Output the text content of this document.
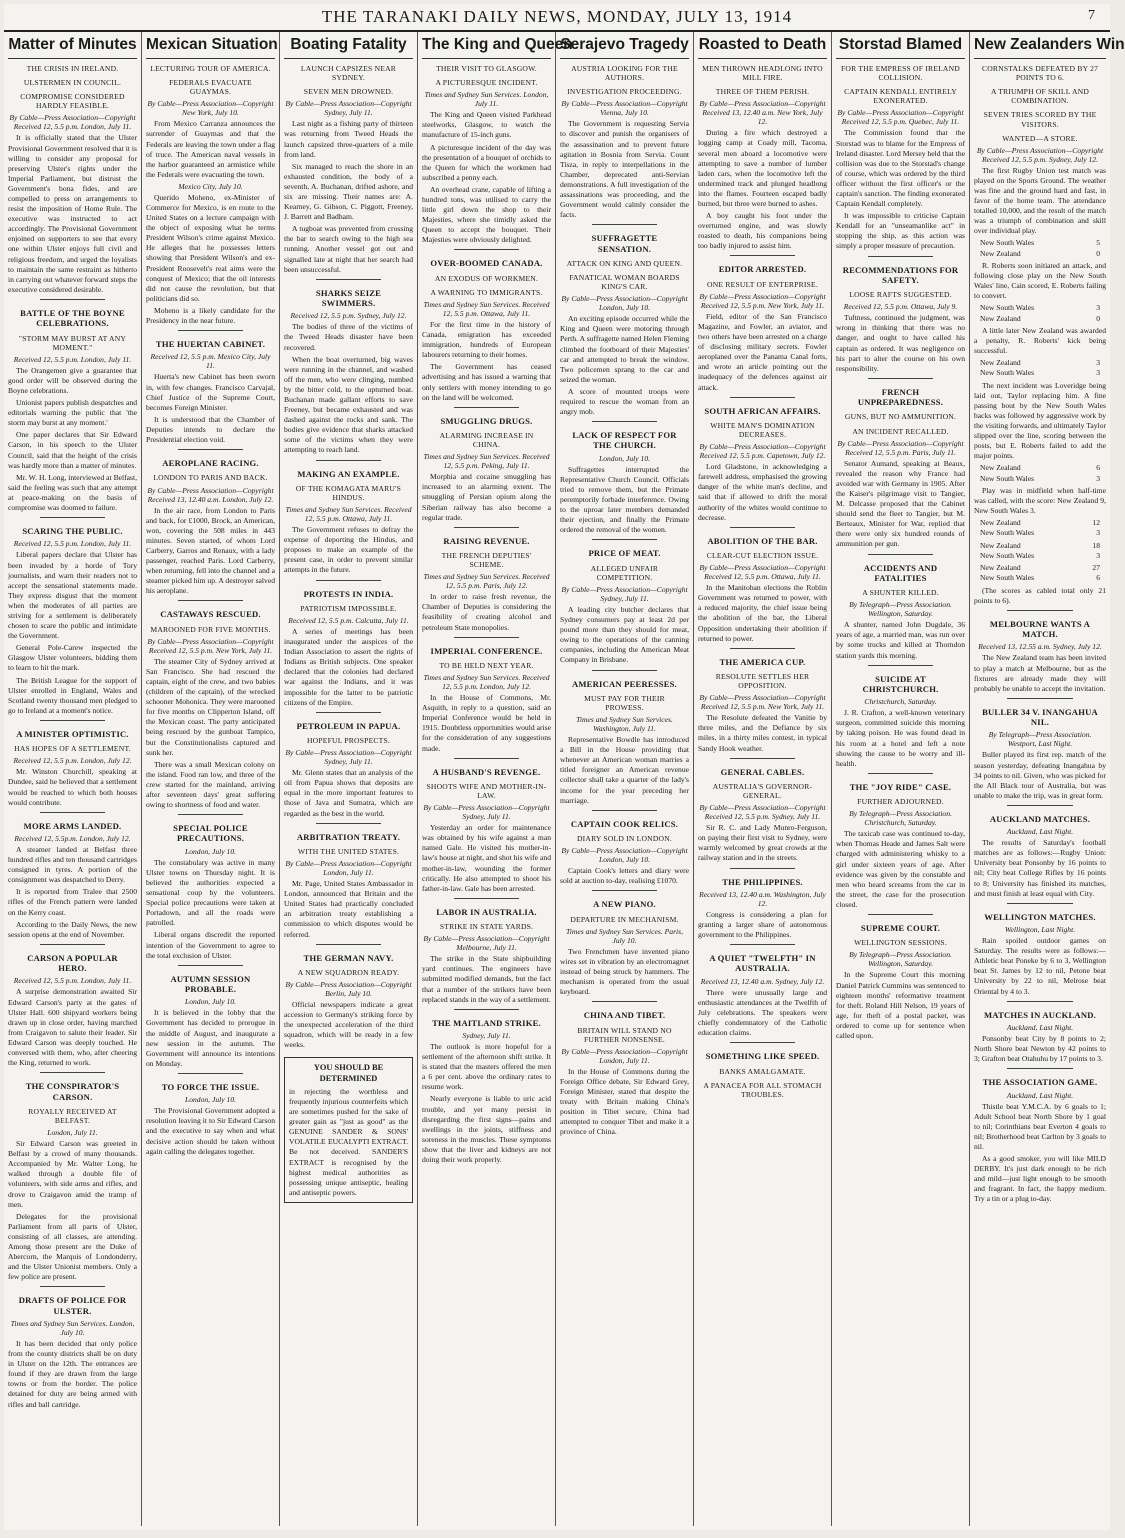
THE TARANAKI DAILY NEWS, MONDAY, JULY 13, 1914	7
Matter of Minutes
THE CRISIS IN IRELAND.
ULSTERMEN IN COUNCIL.
COMPROMISE CONSIDERED HARDLY FEASIBLE.
By Cable—Press Association—Copyright Received 12, 5.5 p.m. London, July 11.

It is officially stated that the Ulster Provisional Government resolved that it is willing to consider any proposal for preserving Ulster's rights under the Imperial Parliament, but distrust the Government's bona fides, and are compelled to press on arrangements to resist the imposition of Home Rule. The executive was instructed to act accordingly. The Provisional Government enjoined on supporters to see that every one within Ulster enjoys full civil and religious freedom, and urged the loyalists to maintain the same restraint as hitherto in carrying out whatever forward steps the executive considered desirable.

BATTLE OF THE BOYNE CELEBRATIONS.
"STORM MAY BURST AT ANY MOMENT."
Received 12, 5.5 p.m. London, July 11.

The Orangemen give a guarantee that good order will be observed during the Boyne celebrations.

Unionist papers publish despatches and editorials warning the public that 'the storm may burst at any moment.'

One paper declares that Sir Edward Carson, in his speech to the Ulster Council, said that the height of the crisis was hardly more than a matter of minutes.

Mr. W. H. Long, interviewed at Belfast, said the feeling was such that any attempt at peace-making on the basis of compromise was doomed to failure.

SCARING THE PUBLIC.
Received 12, 5.5 p.m. London, July 11.

Liberal papers declare that Ulster has been invaded by a horde of Tory journalists, and warn their readers not to accept the sensational statements made. They express disgust that the moment when the moderates of all parties are striving for a settlement is deliberately chosen to scare the public and intimidate the Government.

General Pole-Carew inspected the Glasgow Ulster volunteers, bidding them to learn to hit the mark.

The British League for the support of Ulster enrolled in England, Wales and Scotland twenty thousand men pledged to go to Ireland at a moment's notice.

A MINISTER OPTIMISTIC.
HAS HOPES OF A SETTLEMENT.
Received 12, 5.5 p.m. London, July 12.

Mr. Winston Churchill, speaking at Dundee, said he believed that a settlement would be reached to which both houses would contribute.

MORE ARMS LANDED.
Received 12, 5.5p.m. London, July 12.

A steamer landed at Belfast three hundred rifles and ten thousand cartridges consigned in tyres. A portion of the consignment was despatched to Derry.

It is reported from Tralee that 2500 rifles of the French pattern were landed on the Kerry coast.

According to the Daily News, the new session opens at the end of November.

CARSON A POPULAR HERO.
Received 12, 5.5 p.m. London, July 11.

A surprise demonstration awaited Sir Edward Carson's party at the gates of Ulster Hall. 600 shipyard workers being drawn up in close order, having marched from Craigavon to salute their leader. Sir Edward Carson was deeply touched. He conversed with them, who, after cheering the King, returned to work.

THE CONSPIRATOR'S CARSON.
ROYALLY RECEIVED AT BELFAST.
London, July 11.

Sir Edward Carson was greeted in Belfast by a crowd of many thousands. Accompanied by Mr. Walter Long, he walked through a double file of volunteers, with side arms and rifles, and drove to Craigavon amid the tramp of men.

Delegates for the provisional Parliament from all parts of Ulster, consisting of all classes, are attending. Among those present are the Duke of Abercorn, the Marquis of Londonderry, and the Ulster Unionist members. Only a few police are present.

DRAFTS OF POLICE FOR ULSTER.
Times and Sydney Sun Services. London, July 10.

It has been decided that only police from the county districts shall be on duty in Ulster on the 12th. The entrances are found if they are drawn from the large towns or from the border. The police detained for duty are being armed with rifles and ball cartridge.

Mexican Situation
LECTURING TOUR OF AMERICA.
FEDERALS EVACUATE GUAYMAS.
By Cable—Press Association—Copyright New York, July 10.

From Mexico Carranza announces the surrender of Guaymas and that the Federals are leaving the town under a flag of truce. The American naval vessels in the harbor guaranteed an armistice while the Federals were evacuating the town.

Mexico City, July 10.

Querido Moheno, ex-Minister of Commerce for Mexico, is en route to the United States on a lecture campaign with the object of exposing what he terms President Wilson's crime against Mexico. He alleges that he possesses letters showing that President Wilson's and ex-President Roosevelt's real aims were the conquest of Mexico; that the oil interests did not cause the revolution, but that politicians did so.

Moheno is a likely candidate for the Presidency in the near future.

THE HUERTAN CABINET.
Received 12, 5.5 p.m. Mexico City, July 11.

Huerta's new Cabinet has been sworn in, with few changes. Francisco Carvajal, Chief Justice of the Supreme Court, becomes Foreign Minister.

It is understood that the Chamber of Deputies intends to declare the Presidential election void.

AEROPLANE RACING.
LONDON TO PARIS AND BACK.
By Cable—Press Association—Copyright Received 13, 12.40 a.m. London, July 12.

In the air race, from London to Paris and back, for £1000, Brock, an American, won, covering the 508 miles in 443 minutes. Seven started, of whom Lord Carberry, Garros and Renaux, with a lady passenger, reached Paris. Lord Carberry, when returning, fell into the channel and a steamer picked him up. A destroyer salved his aeroplane.

CASTAWAYS RESCUED.
MAROONED FOR FIVE MONTHS.
By Cable—Press Association—Copyright Received 12, 5.5 p.m. New York, July 11.

The steamer City of Sydney arrived at San Francisco. She had rescued the captain, eight of the crew, and two babies (children of the captain), of the wrecked schooner Mohonica. They were marooned for five months on Clipperton Island, off the Mexican coast. The party anticipated being rescued by the gunboat Tampico, but the Constitutionalists captured and sunk her.

There was a small Mexican colony on the island. Food ran low, and three of the crew started for the mainland, arriving after seventeen days' great suffering owing to shortness of food and water.

SPECIAL POLICE PRECAUTIONS.
London, July 10.

The constabulary was active in many Ulster towns on Thursday night. It is believed the authorities expected a sensational coup by the volunteers. Special police precautions were taken at Portadown, and all the roads were patrolled.

Liberal organs discredit the reported intention of the Government to agree to the total exclusion of Ulster.

AUTUMN SESSION PROBABLE.
London, July 10.

It is believed in the lobby that the Government has decided to prorogue in the middle of August, and inaugurate a new session in the autumn. The Government will announce its intentions on Monday.

TO FORCE THE ISSUE.
London, July 10.

The Provisional Government adopted a resolution leaving it to Sir Edward Carson and the executive to say when and what decisive action should be taken without again calling the delegates together.

Boating Fatality
LAUNCH CAPSIZES NEAR SYDNEY.
SEVEN MEN DROWNED.
By Cable—Press Association—Copyright Sydney, July 11.

Last night as a fishing party of thirteen was returning from Tweed Heads the launch capsized three-quarters of a mile from land.

Six managed to reach the shore in an exhausted condition, the body of a seventh, A. Buchanan, drifted ashore, and six are missing. Their names are: A. Kearney, G. Gibson, C. Piggott, Freeney, J. Barrett and Badham.

A tugboat was prevented from crossing the bar to search owing to the high sea running. Another vessel got out and signalled late at night that her search had been unsuccessful.

SHARKS SEIZE SWIMMERS.
Received 12, 5.5 p.m. Sydney, July 12.

The bodies of three of the victims of the Tweed Heads disaster have been recovered.

When the boat overturned, big waves were running in the channel, and washed off the men, who were clinging, numbed by the bitter cold, to the upturned boat. Buchanan made gallant efforts to save Freeney, but became exhausted and was dashed against the rocks and sank. The bodies give evidence that sharks attacked some of the victims when they were attempting to reach land.

MAKING AN EXAMPLE.
OF THE KOMAGATA MARU'S HINDUS.
Times and Sydney Sun Services. Received 12, 5.5 p.m. Ottawa, July 11.

The Government refuses to defray the expense of deporting the Hindus, and proposes to make an example of the present case, in order to prevent similar attempts in the future.

PROTESTS IN INDIA.
PATRIOTISM IMPOSSIBLE.
Received 12, 5.5 p.m. Calcutta, July 11.

A series of meetings has been inaugurated under the auspices of the Indian Association to assert the rights of Indians as British subjects. One speaker declared that the colonies had declared war against the Indians, and it was impossible for the latter to be patriotic citizens of the Empire.

PETROLEUM IN PAPUA.
HOPEFUL PROSPECTS.
By Cable—Press Association—Copyright Sydney, July 11.

Mr. Glenn states that an analysis of the oil from Papua shows that deposits are equal in the more important features to those of Java and Sumatra, which are regarded as the best in the world.

ARBITRATION TREATY.
WITH THE UNITED STATES.
By Cable—Press Association—Copyright London, July 11.

Mr. Page, United States Ambassador in London, announced that Britain and the United States had practically concluded an arbitration treaty establishing a commission to which disputes would be referred.

THE GERMAN NAVY.
A NEW SQUADRON READY.
By Cable—Press Association—Copyright Berlin, July 10.

Official newspapers indicate a great accession to Germany's striking force by the unexpected acceleration of the third squadron, which will be ready in a few weeks.

YOU SHOULD BE DETERMINED
in rejecting the worthless and frequently injurious counterfeits which are sometimes pushed for the sake of greater gain as "just as good" as the GENUINE SANDER & SONS' VOLATILE EUCALYPTI EXTRACT. Be not deceived. SANDER'S EXTRACT is recognised by the highest medical authorities as possessing unique antiseptic, healing and antiseptic powers.
The King and Queen
THEIR VISIT TO GLASGOW.
A PICTURESQUE INCIDENT.
Times and Sydney Sun Services. London, July 11.

The King and Queen visited Parkhead steelworks, Glasgow, to watch the manufacture of 15-inch guns.

A picturesque incident of the day was the presentation of a bouquet of orchids to the Queen for which the workmen had subscribed a penny each.

An overhead crane, capable of lifting a hundred tons, was utilised to carry the little girl down the shop to their Majesties, where she timidly asked the Queen to accept the bouquet. Their Majesties were obviously delighted.

OVER-BOOMED CANADA.
AN EXODUS OF WORKMEN.
A WARNING TO IMMIGRANTS.
Times and Sydney Sun Services. Received 12, 5.5 p.m. Ottawa, July 11.

For the first time in the history of Canada, emigration has exceeded immigration, hundreds of European labourers returning to their homes.

The Government has ceased advertising and has issued a warning that only settlers with money intending to go on the land will be welcomed.

SMUGGLING DRUGS.
ALARMING INCREASE IN CHINA.
Times and Sydney Sun Services. Received 12, 5.5 p.m. Peking, July 11.

Morphia and cocaine smuggling has increased to an alarming extent. The smuggling of Persian opium along the Siberian railway has also become a regular trade.

RAISING REVENUE.
THE FRENCH DEPUTIES' SCHEME.
Times and Sydney Sun Services. Received 12, 5.5 p.m. Paris, July 12.

In order to raise fresh revenue, the Chamber of Deputies is considering the feasibility of creating alcohol and petroleum State monopolies.

IMPERIAL CONFERENCE.
TO BE HELD NEXT YEAR.
Times and Sydney Sun Services. Received 12, 5.5 p.m. London, July 12.

In the House of Commons, Mr. Asquith, in reply to a question, said an Imperial Conference would be held in 1915. Doubtless opportunities would arise for the consideration of any suggestions made.

A HUSBAND'S REVENGE.
SHOOTS WIFE AND MOTHER-IN-LAW.
By Cable—Press Association—Copyright Sydney, July 11.

Yesterday an order for maintenance was obtained by his wife against a man named Gale. He visited his mother-in-law's house at night, and shot his wife and mother-in-law, wounding the former critically. He also attempted to shoot his father-in-law. Gale has been arrested.

LABOR IN AUSTRALIA.
STRIKE IN STATE YARDS.
By Cable—Press Association—Copyright Melbourne, July 11.

The strike in the State shipbuilding yard continues. The engineers have submitted modified demands, but the fact that a number of the strikers have been replaced stands in the way of a settlement.

THE MAITLAND STRIKE.
Sydney, July 11.

The outlook is more hopeful for a settlement of the afternoon shift strike. It is stated that the masters offered the men a 6 per cent. above the ordinary rates to resume work.

Nearly everyone is liable to uric acid trouble, and yet many persist in disregarding the first signs—pains and swellings in the joints, stiffness and soreness in the muscles. These symptoms show that the liver and kidneys are not doing their work properly.

Serajevo Tragedy
AUSTRIA LOOKING FOR THE AUTHORS.
INVESTIGATION PROCEEDING.
By Cable—Press Association—Copyright Vienna, July 10.

The Government is requesting Servia to discover and punish the organisers of the assassination and to prevent future agitation in Bosnia from Servia. Count Tisza, in reply to interpellations in the Chamber, deprecated anti-Servian demonstrations. A full investigation of the assassinations was proceeding, and the Government would calmly consider the facts.

SUFFRAGETTE SENSATION.
ATTACK ON KING AND QUEEN.
FANATICAL WOMAN BOARDS KING'S CAR.
By Cable—Press Association—Copyright London, July 10.

An exciting episode occurred while the King and Queen were motoring through Perth. A suffragette named Helen Fleming climbed the footboard of their Majesties' car and attempted to break the window. Two policemen sprang to the car and seized the woman.

A score of mounted troops were required to rescue the woman from an angry mob.

LACK OF RESPECT FOR THE CHURCH.
London, July 10.

Suffragettes interrupted the Representative Church Council. Officials tried to remove them, but the Primate peremptorily forbade interference. Owing to the uproar later members demanded their ejection, and finally the Primate ordered the removal of the women.

PRICE OF MEAT.
ALLEGED UNFAIR COMPETITION.
By Cable—Press Association—Copyright Sydney, July 11.

A leading city butcher declares that Sydney consumers pay at least 2d per pound more than they should for meat, owing to the operations of the canning companies, including the American Meat Company in Brisbane.

AMERICAN PEERESSES.
MUST PAY FOR THEIR PROWESS.
Times and Sydney Sun Services. Washington, July 11.

Representative Bowdle has introduced a Bill in the House providing that whenever an American woman marries a titled foreigner an American revenue collector shall take a quarter of the lady's income for the year preceding her marriage.

CAPTAIN COOK RELICS.
DIARY SOLD IN LONDON.
By Cable—Press Association—Copyright London, July 10.

Captain Cook's letters and diary were sold at auction to-day, realising £1070.

A NEW PIANO.
DEPARTURE IN MECHANISM.
Times and Sydney Sun Services. Paris, July 10.

Two Frenchmen have invented piano wires set in vibration by an electromagnet instead of being struck by hammers. The mechanism is operated from the usual keyboard.

CHINA AND TIBET.
BRITAIN WILL STAND NO FURTHER NONSENSE.
By Cable—Press Association—Copyright London, July 11.

In the House of Commons during the Foreign Office debate, Sir Edward Grey, Foreign Minister, stated that despite the treaty with Britain making China's position in Tibet secure, China had attempted to conquer Tibet and make it a province of China.

Roasted to Death
MEN THROWN HEADLONG INTO MILL FIRE.
THREE OF THEM PERISH.
By Cable—Press Association—Copyright Received 13, 12.40 a.m. New York, July 12.

During a fire which destroyed a logging camp at Coady mill, Tacoma, several men aboard a locomotive were attempting to save a number of lumber laden cars, when the locomotive left the undermined track and plunged headlong into the flames. Fourteen escaped badly burned, but three were burned to ashes.

A boy caught his foot under the overturned engine, and was slowly roasted to death, his companions being too badly injured to assist him.

EDITOR ARRESTED.
ONE RESULT OF ENTERPRISE.
By Cable—Press Association—Copyright Received 12, 5.5 p.m. New York, July 11.

Field, editor of the San Francisco Magazine, and Fowler, an aviator, and two others have been arrested on a charge of disclosing military secrets. Fowler aeroplaned over the Panama Canal forts, and wrote an article pointing out the inadequacy of the defences against air attack.

SOUTH AFRICAN AFFAIRS.
WHITE MAN'S DOMINATION DECREASES.
By Cable—Press Association—Copyright Received 12, 5.5 p.m. Capetown, July 12.

Lord Gladstone, in acknowledging a farewell address, emphasised the growing danger of the white man's decline, and said that if allowed to drift the moral authority of the whites would continue to decrease.

ABOLITION OF THE BAR.
CLEAR-CUT ELECTION ISSUE.
By Cable—Press Association—Copyright Received 12, 5.5 p.m. Ottawa, July 11.

In the Manitoban elections the Roblin Government was returned to power, with a reduced majority, the chief issue being the abolition of the bar, the Liberal Opposition undertaking their abolition if returned to power.

THE AMERICA CUP.
RESOLUTE SETTLES HER OPPOSITION.
By Cable—Press Association—Copyright Received 12, 5.5 p.m. New York, July 11.

The Resolute defeated the Vanitie by three miles, and the Defiance by six miles, in a thirty miles contest, in typical Sandy Hook weather.

GENERAL CABLES.
AUSTRALIA'S GOVERNOR-GENERAL.
By Cable—Press Association—Copyright Received 12, 5.5 p.m. Sydney, July 11.

Sir R. C. and Lady Munro-Ferguson, on paying their first visit to Sydney, were warmly welcomed by great crowds at the railway station and in the streets.

THE PHILIPPINES.
Received 13, 12.40 a.m. Washington, July 12.

Congress is considering a plan for granting a larger share of autonomous government to the Philippines.

A QUIET "TWELFTH" IN AUSTRALIA.
Received 13, 12.40 a.m. Sydney, July 12.

There were unusually large and enthusiastic attendances at the Twelfth of July celebrations. The speakers were chiefly condemnatory of the Catholic education claims.

SOMETHING LIKE SPEED.
BANKS AMALGAMATE.
A PANACEA FOR ALL STOMACH TROUBLES.
Storstad Blamed
FOR THE EMPRESS OF IRELAND COLLISION.
CAPTAIN KENDALL ENTIRELY EXONERATED.
By Cable—Press Association—Copyright Received 12, 5.5 p.m. Quebec, July 11.

The Commission found that the Storstad was to blame for the Empress of Ireland disaster. Lord Mersey held that the collision was due to the Storstad's change of course, which was ordered by the third officer without the first officer's or the captain's sanction. The finding exonerated Captain Kendall completely.

It was impossible to criticise Captain Kendall for an "unseamanlike act" in stopping the ship, as this action was simply a proper measure of precaution.

RECOMMENDATIONS FOR SAFETY.
LOOSE RAFTS SUGGESTED.
Received 12, 5.5 p.m. Ottawa, July 9.

Tuftness, continued the judgment, was wrong in thinking that there was no danger, and ought to have called his captain as ordered. It was negligence on his part to alter the course on his own responsibility.

FRENCH UNPREPAREDNESS.
GUNS, BUT NO AMMUNITION.
AN INCIDENT RECALLED.
By Cable—Press Association—Copyright Received 12, 5.5 p.m. Paris, July 11.

Senator Aumand, speaking at Beaux, revealed the reason why France had avoided war with Germany in 1905. After the Kaiser's pilgrimage visit to Tangier, M. Delcasse proposed that the Cabinet should send the fleet to Tangier, but M. Berteaux, Minister for War, replied that there were only six hundred rounds of ammunition per gun.

ACCIDENTS AND FATALITIES
A SHUNTER KILLED.
By Telegraph—Press Association. Wellington, Saturday.

A shunter, named John Dugdale, 36 years of age, a married man, was run over by some trucks and killed at Thorndon station yards this morning.

SUICIDE AT CHRISTCHURCH.
Christchurch, Saturday.

J. R. Crafton, a well-known veterinary surgeon, committed suicide this morning by taking poison. He was found dead in his room at a hotel and left a note showing the cause to be worry and ill-health.

THE "JOY RIDE" CASE.
FURTHER ADJOURNED.
By Telegraph—Press Association. Christchurch, Saturday.

The taxicab case was continued to-day, when Thomas Heade and James Salt were charged with administering whisky to a girl under sixteen years of age. After evidence was given by the constable and men who heard screams from the car in the street, the case for the prosecution closed.

SUPREME COURT.
WELLINGTON SESSIONS.
By Telegraph—Press Association. Wellington, Saturday.

In the Supreme Court this morning Daniel Patrick Cummins was sentenced to eighteen months' reformative treatment for theft. Roland Hill Nelson, 19 years of age, for theft of a postal packet, was ordered to come up for sentence when called upon.

New Zealanders Win
CORNSTALKS DEFEATED BY 27 POINTS TO 6.
A TRIUMPH OF SKILL AND COMBINATION.
SEVEN TRIES SCORED BY THE VISITORS.
WANTED—A STORE.
By Cable—Press Association—Copyright Received 12, 5.5 p.m. Sydney, July 12.

The first Rugby Union test match was played on the Sports Ground. The weather was fine and the ground hard and fast, in favor of the home team. The attendance totalled 10,000, and the result of the match was a triumph of combination and skill over individual play.

New South Wales	5
New Zealand	0

R. Roberts soon initiated an attack, and following close play on the New South Wales' line, Cain scored, E. Roberts failing to convert.

New South Wales	3
New Zealand	0

A little later New Zealand was awarded a penalty, R. Roberts' kick being successful.

New Zealand	3
New South Wales	3

The next incident was Loveridge being laid out, Taylor replacing him. A fine passing bout by the New South Wales backs was followed by aggressive work by the visiting forwards, and ultimately Taylor slipped over the line, scoring between the posts, but E. Roberts failed to add the major points.

New Zealand	6
New South Wales	3

Play was in midfield when half-time was called, with the score: New Zealand 9, New South Wales 3.

New Zealand	12
New South Wales	3
New Zealand	18
New South Wales	3
New Zealand	27
New South Wales	6

(The scores as cabled total only 21 points to 6).

MELBOURNE WANTS A MATCH.
Received 13, 12.55 a.m. Sydney, July 12.

The New Zealand team has been invited to play a match at Melbourne, but as the fixtures are already made they will probably be unable to accept the invitation.

BULLER 34 V. INANGAHUA NIL.
By Telegraph—Press Association. Westport, Last Night.

Buller played its first rep. match of the season yesterday, defeating Inangahua by 34 points to nil. Given, who was picked for the All Black tour of Australia, but was unable to make the trip, was in great form.

AUCKLAND MATCHES.
Auckland, Last Night.

The results of Saturday's football matches are as follows:—Rugby Union: University beat Ponsonby by 16 points to nil; City beat College Rifles by 16 points to 8; University has finished its matches, and must finish at least equal with City.

WELLINGTON MATCHES.
Wellington, Last Night.

Rain spoiled outdoor games on Saturday. The results were as follows:—Athletic beat Poneke by 6 to 3, Wellington beat St. James by 12 to nil, Petone beat University by 22 to nil, Melrose beat Oriental by 4 to 3.

MATCHES IN AUCKLAND.
Auckland, Last Night.

Ponsonby beat City by 8 points to 2; North Shore beat Newton by 42 points to 3; Grafton beat Otahuhu by 17 points to 3.

THE ASSOCIATION GAME.
Auckland, Last Night.

Thistle beat Y.M.C.A. by 6 goals to 1; Adult School beat North Shore by 1 goal to nil; Corinthians beat Everton 4 goals to nil; Brotherhood beat Carlton by 3 goals to nil.

As a good smoker, you will like MILD DERBY. It's just dark enough to be rich and mild—just light enough to be smooth and fragrant. In fact, the happy medium. Try a tin or a plug to-day.
